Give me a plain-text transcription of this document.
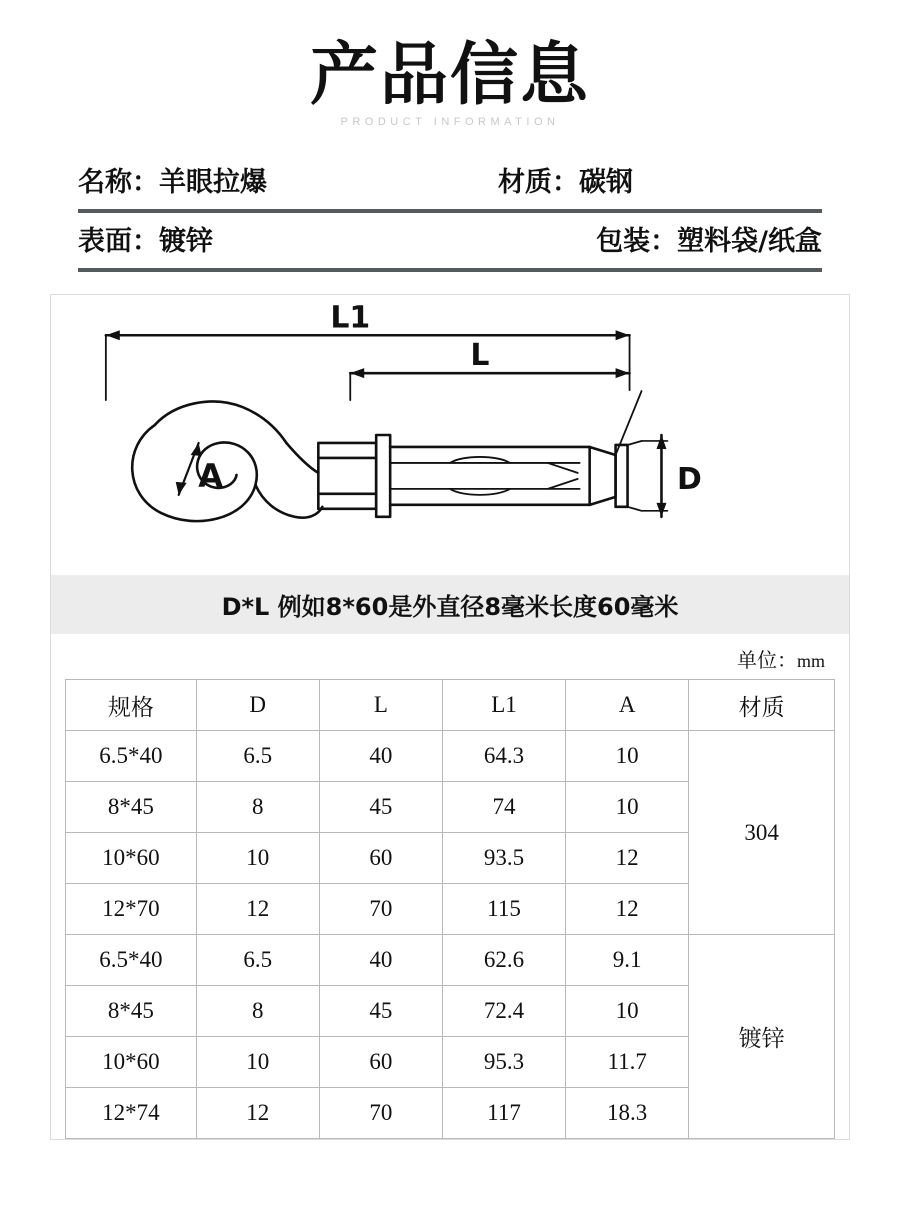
产品信息
PRODUCT INFORMATION
名称：羊眼拉爆	材质：碳钢
表面：镀锌	包装：塑料袋/纸盒
L1
L
A	D
D*L 例如8*60是外直径8毫米长度60毫米
单位：mm
规格	D	L	L1	A	材质
6.5*40	6.5	40	64.3	10	304
8*45	8	45	74	10	
10*60	10	60	93.5	12	
12*70	12	70	115	12	
6.5*40	6.5	40	62.6	9.1	镀锌
8*45	8	45	72.4	10	
10*60	10	60	95.3	11.7	
12*74	12	70	117	18.3	
